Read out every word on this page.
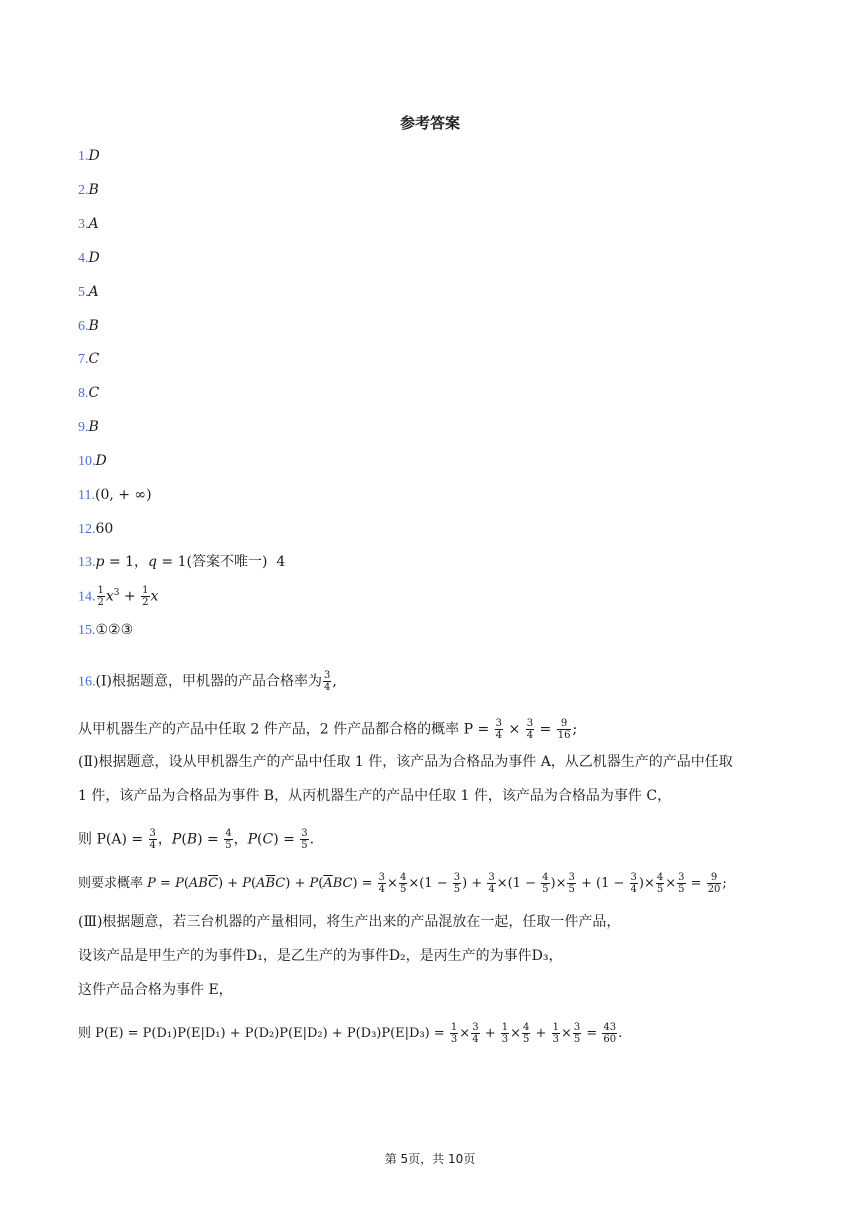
参考答案
1.D
2.B
3.A
4.D
5.A
6.B
7.C
8.C
9.B
10.D
11.(0, + ∞)
12.60
13.p = 1，q = 1(答案不唯一)  4
14. $\frac{1}{2} x^3 + \frac{1}{2}$ x
15.①②③
16.(Ⅰ)根据题意，甲机器的产品合格率为 $\frac{3}{4}$ ,
从甲机器生产的产品中任取 2 件产品，2 件产品都合格的概率 $P = \frac{3}{4} \times \frac{3}{4} = \frac{9}{16}$ ;
(Ⅱ)根据题意，设从甲机器生产的产品中任取 1 件，该产品为合格品为事件 A，从乙机器生产的产品中任取
1 件，该产品为合格品为事件 B，从丙机器生产的产品中任取 1 件，该产品为合格品为事件 C，
则 $P(A) = \frac{3}{4}$ ，$P(B) = \frac{4}{5}$ ，$P(C) = \frac{3}{5}$ .
则要求概率 $P = P(AB\overline{C}) + P(A\overline{B}C) + P(\overline{A}BC) = \frac{3}{4} \times \frac{4}{5} \times(1 - \frac{3}{5}$ ) + $\frac{3}{4} \times(1 - \frac{4}{5}$ )× $\frac{3}{5} + (1 - \frac{3}{4}$ )× $\frac{4}{5} \times \frac{3}{5} = \frac{9}{20}$ ;
(Ⅲ)根据题意，若三台机器的产量相同，将生产出来的产品混放在一起，任取一件产品，
设该产品是甲生产的为事件D₁，是乙生产的为事件D₂，是丙生产的为事件D₃，
这件产品合格为事件 E，
则 $P(E) = P(D_1)P(E|D_1) + P(D_2)P(E|D_2) + P(D_3)P(E|D_3) = \frac{1}{3} \times \frac{3}{4} + \frac{1}{3} \times \frac{4}{5} + \frac{1}{3} \times \frac{3}{5} = \frac{43}{60}$ .
第 5页，共 10页
